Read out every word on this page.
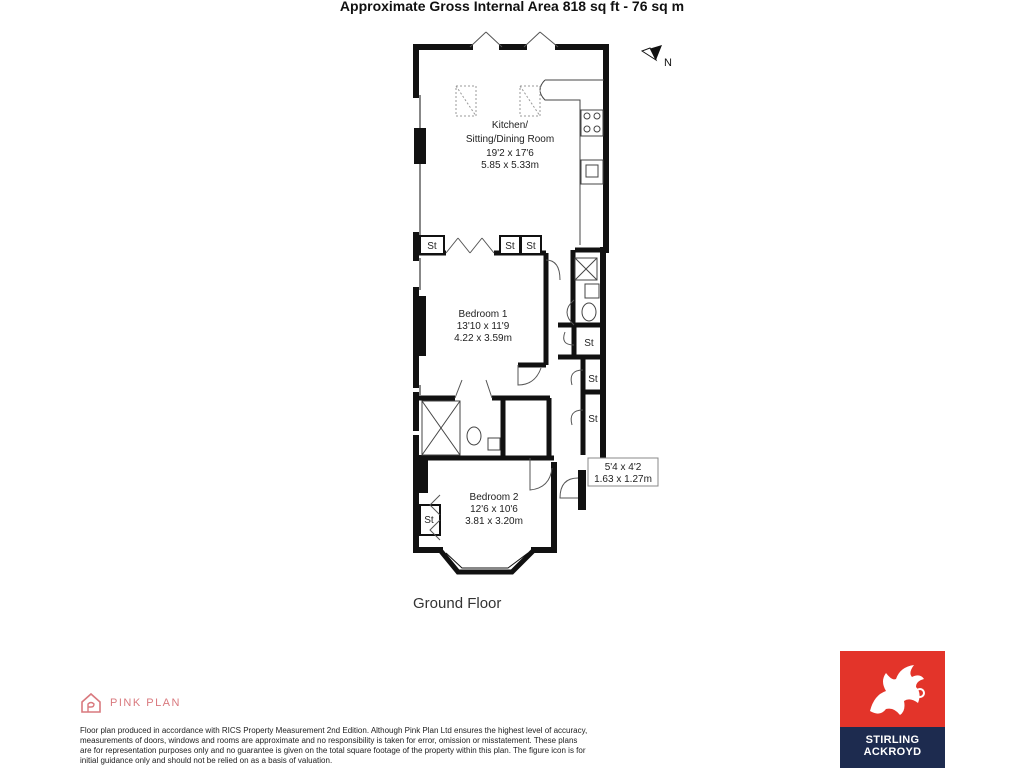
Approximate Gross Internal Area 818 sq ft - 76 sq m
N
Kitchen/
Sitting/Dining Room
19'2 x 17'6
5.85 x 5.33m
Bedroom 1
13'10 x 11'9
4.22 x 3.59m
Bedroom 2
12'6 x 10'6
3.81 x 3.20m
5'4 x 4'2
1.63 x 1.27m
St	St St
St
St
St
St
Ground Floor
PINK PLAN
Floor plan produced in accordance with RICS Property Measurement 2nd Edition. Although Pink Plan Ltd ensures the highest level of accuracy, measurements of doors, windows and rooms are approximate and no responsibility is taken for error, omission or misstatement. These plans are for representation purposes only and no guarantee is given on the total square footage of the property within this plan. The figure icon is for initial guidance only and should not be relied on as a basis of valuation.
STIRLING
ACKROYD
